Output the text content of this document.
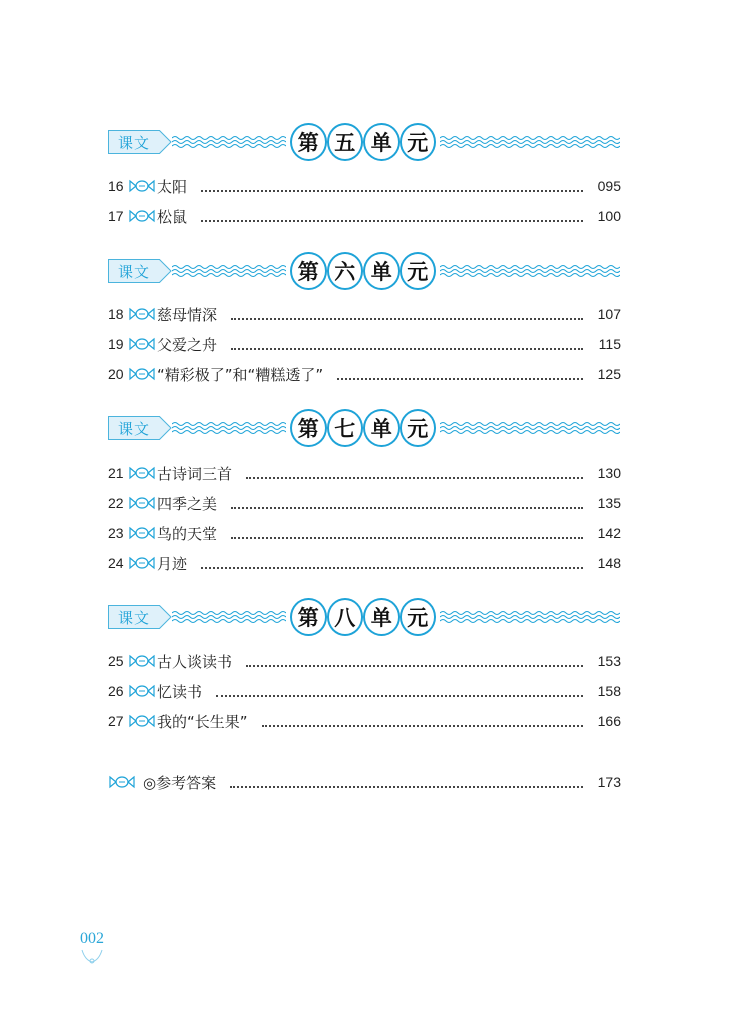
课文	第 五 单 元
16 太阳	095
17 松鼠	100
课文	第 六 单 元
18 慈母情深	107
19 父爱之舟	115
20 “精彩极了”和“糟糕透了”	125
课文	第 七 单 元
21 古诗词三首	130
22 四季之美	135
23 鸟的天堂	142
24 月迹	148
课文	第 八 单 元
25 古人谈读书	153
26 忆读书	158
27 我的“长生果”	166
◎参考答案	173
002
